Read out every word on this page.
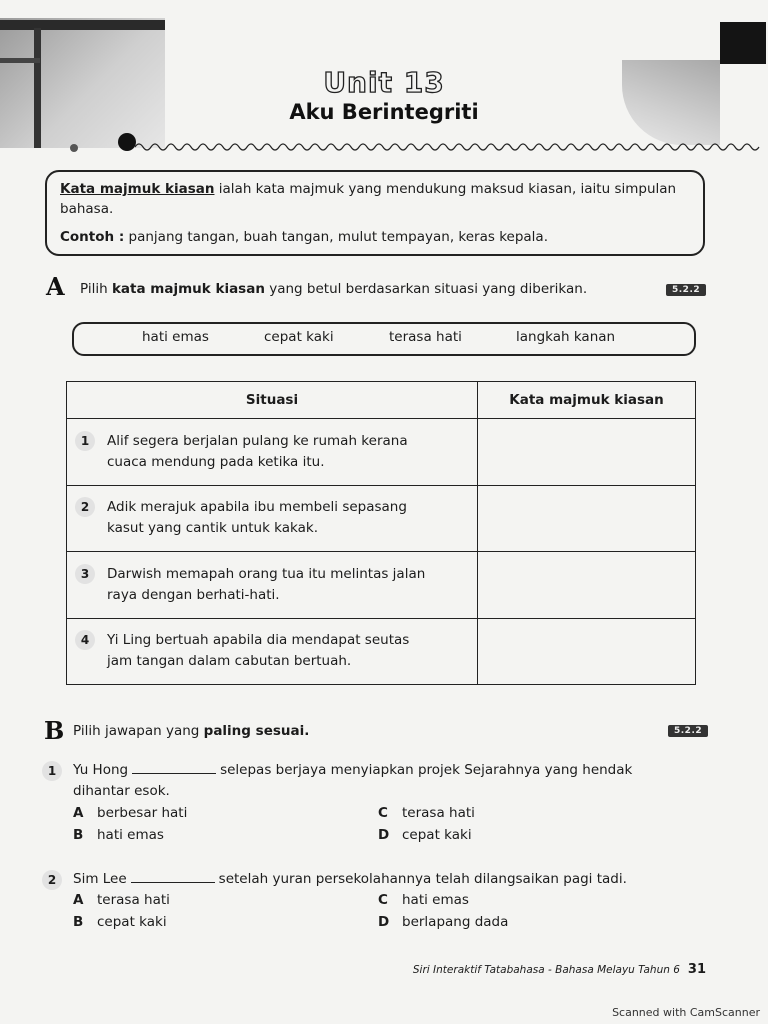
Unit 13
Aku Berintegriti
Kata majmuk kiasan ialah kata majmuk yang mendukung maksud kiasan, iaitu simpulan bahasa.
Contoh : panjang tangan, buah tangan, mulut tempayan, keras kepala.
A Pilih kata majmuk kiasan yang betul berdasarkan situasi yang diberikan.	5.2.2
hati emas	cepat kaki	terasa hati	langkah kanan
Situasi	Kata majmuk kiasan

1 Alif segera berjalan pulang ke rumah kerana
cuaca mendung pada ketika itu.	

2 Adik merajuk apabila ibu membeli sepasang
kasut yang cantik untuk kakak.	

3 Darwish memapah orang tua itu melintas jalan
raya dengan berhati-hati.	

4 Yi Ling bertuah apabila dia mendapat seutas
jam tangan dalam cabutan bertuah.	

B Pilih jawapan yang paling sesuai.	5.2.2
1	Yu Hong	selepas berjaya menyiapkan projek Sejarahnya yang hendak
dihantar esok.
A berbesar hati
B hati emas
C terasa hati
D cepat kaki
2	Sim Lee	setelah yuran persekolahannya telah dilangsaikan pagi tadi.
A terasa hati
B cepat kaki
C hati emas
D berlapang dada
Siri Interaktif Tatabahasa - Bahasa Melayu Tahun 6 31
Scanned with CamScanner
